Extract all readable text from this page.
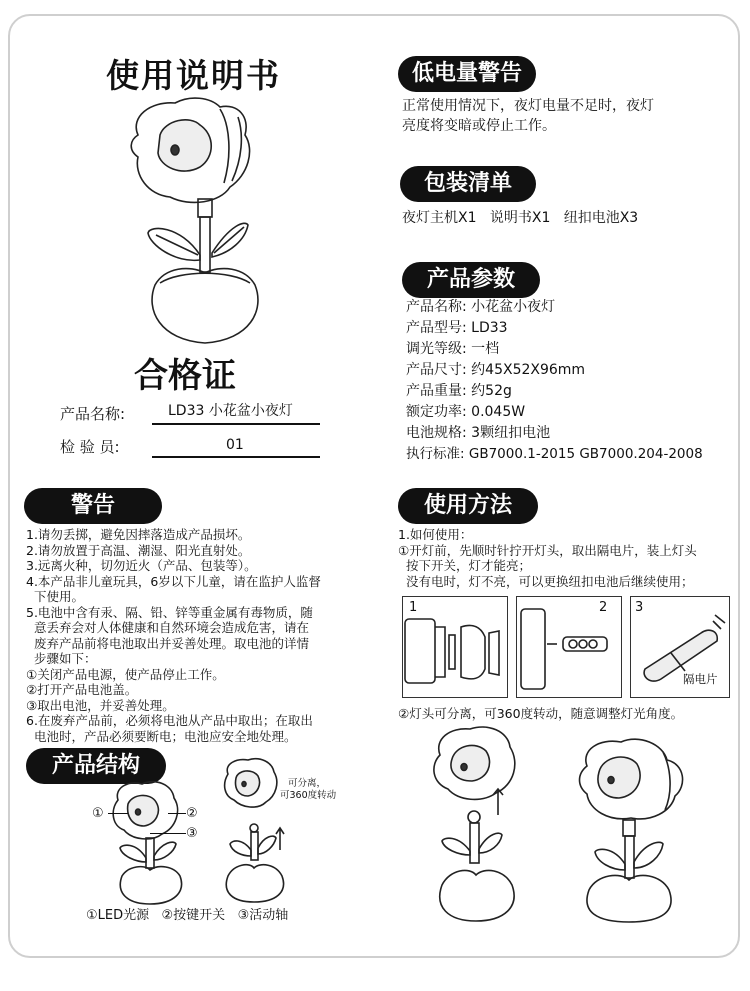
使用说明书
合格证
产品名称:	LD33 小花盆小夜灯
检 验 员:	01
低电量警告
正常使用情况下，夜灯电量不足时，夜灯
亮度将变暗或停止工作。
包装清单
夜灯主机X1   说明书X1   纽扣电池X3
产品参数
产品名称: 小花盆小夜灯
产品型号: LD33
调光等级: 一档
产品尺寸: 约45X52X96mm
产品重量: 约52g
额定功率: 0.045W
电池规格: 3颗纽扣电池
执行标准: GB7000.1-2015 GB7000.204-2008
警告
1.请勿丢掷，避免因摔落造成产品损坏。
2.请勿放置于高温、潮湿、阳光直射处。
3.远离火种，切勿近火（产品、包装等）。
4.本产品非儿童玩具，6岁以下儿童，请在监护人监督
下使用。
5.电池中含有汞、隔、铅、锌等重金属有毒物质，随
意丢弃会对人体健康和自然环境会造成危害，请在
废弃产品前将电池取出并妥善处理。取电池的详情
步骤如下：
①关闭产品电源，使产品停止工作。
②打开产品电池盖。
③取出电池，并妥善处理。
6.在废弃产品前，必须将电池从产品中取出；在取出
电池时，产品必须要断电；电池应安全地处理。
产品结构
①	②
③
可分离，
可360度转动
①LED光源   ②按键开关   ③活动轴
使用方法
1.如何使用：
①开灯前，先顺时针拧开灯头，取出隔电片，装上灯头
按下开关，灯才能亮；
没有电时，灯不亮，可以更换纽扣电池后继续使用；
1	2 3
隔电片
②灯头可分离，可360度转动，随意调整灯光角度。
